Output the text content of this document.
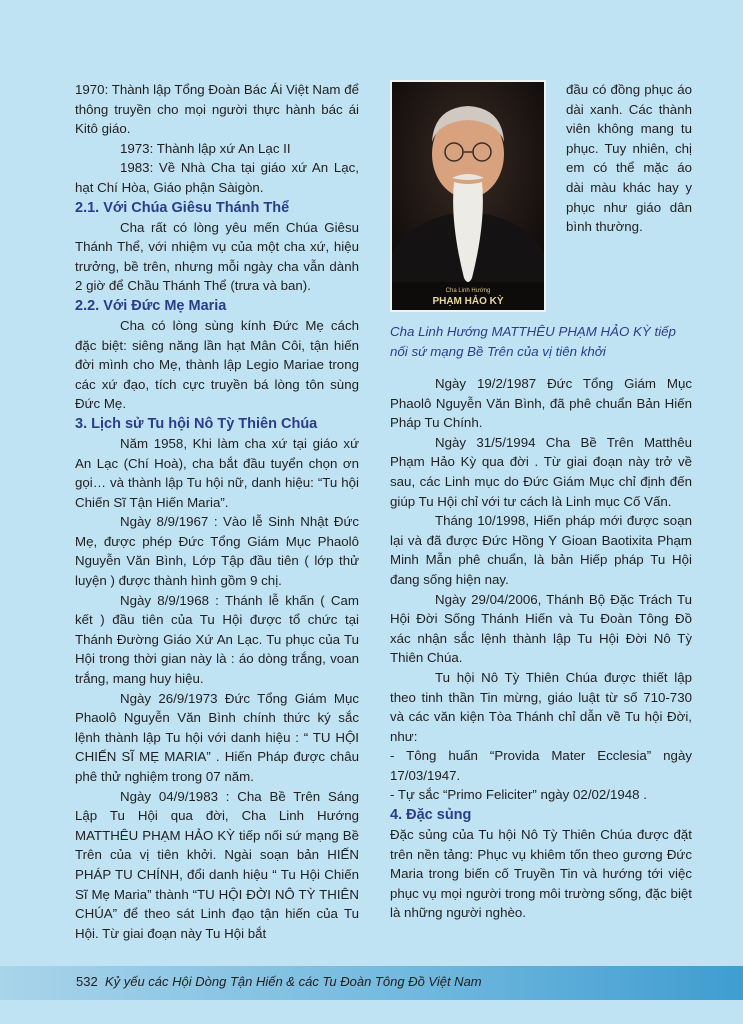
1970: Thành lập Tổng Đoàn Bác Ái Việt Nam để thông truyền cho mọi người thực hành bác ái Kitô giáo.

1973: Thành lập xứ An Lạc II

1983: Về Nhà Cha tại giáo xứ An Lạc, hạt Chí Hòa, Giáo phận Sàigòn.

2.1. Với Chúa Giêsu Thánh Thể

Cha rất có lòng yêu mến Chúa Giêsu Thánh Thể, với nhiệm vụ của một cha xứ, hiệu trưởng, bề trên, nhưng mỗi ngày cha vẫn dành 2 giờ để Chầu Thánh Thể (trưa và ban).

2.2. Với Đức Mẹ Maria

Cha có lòng sùng kính Đức Mẹ cách đặc biệt: siêng năng lần hạt Mân Côi, tận hiến đời mình cho Mẹ, thành lập Legio Mariae trong các xứ đạo, tích cực truyền bá lòng tôn sùng Đức Mẹ.

3. Lịch sử Tu hội Nô Tỳ Thiên Chúa

Năm 1958, Khi làm cha xứ tại giáo xứ An Lạc (Chí Hoà), cha bắt đầu tuyển chọn ơn gọi… và thành lập Tu hội nữ, danh hiệu: “Tu hội Chiến Sĩ Tận Hiến Maria”.

Ngày 8/9/1967 : Vào lễ Sinh Nhật Đức Mẹ, được phép Đức Tổng Giám Mục Phaolô Nguyễn Văn Bình, Lớp Tập đầu tiên ( lớp thử luyện ) được thành hình gồm 9 chị.

Ngày 8/9/1968 : Thánh lễ khấn ( Cam kết ) đầu tiên của Tu Hội được tổ chức tại Thánh Đường Giáo Xứ An Lạc. Tu phục của Tu Hội trong thời gian này là : áo dòng trắng, voan trắng, mang huy hiệu.

Ngày 26/9/1973 Đức Tổng Giám Mục Phaolô Nguyễn Văn Bình chính thức ký sắc lệnh thành lập Tu hội với danh hiệu : “ TU HỘI CHIẾN SĨ MẸ MARIA” . Hiến Pháp được châu phê thử nghiệm trong 07 năm.

Ngày 04/9/1983 : Cha Bề Trên Sáng Lập Tu Hội qua đời, Cha Linh Hướng MATTHÊU PHẠM HẢO KỲ tiếp nối sứ mạng Bề Trên của vị tiên khởi. Ngài soạn bản HIẾN PHÁP TU CHÍNH, đổi danh hiệu “ Tu Hội Chiến Sĩ Mẹ Maria” thành “TU HỘI ĐỜI NÔ TỲ THIÊN CHÚA” để theo sát Linh đạo tận hiến của Tu Hội. Từ giai đoạn này Tu Hội bắt

Cha Linh Hướng
PHẠM HẢO KỲ

đầu có đồng phục áo dài xanh. Các thành viên không mang tu phục. Tuy nhiên, chị em có thể mặc áo dài màu khác hay y phục như giáo dân bình thường.

Cha Linh Hướng MATTHÊU PHẠM HẢO KỲ tiếp nối sứ mạng Bề Trên của vị tiên khởi

Ngày 19/2/1987 Đức Tổng Giám Mục Phaolô Nguyễn Văn Bình, đã phê chuẩn Bản Hiến Pháp Tu Chính.

Ngày 31/5/1994 Cha Bề Trên Matthêu Phạm Hảo Kỳ qua đời . Từ giai đoạn này trở về sau, các Linh mục do Đức Giám Mục chỉ định đến giúp Tu Hội chỉ với tư cách là Linh mục Cố Vấn.

Tháng 10/1998, Hiến pháp mới được soạn lại và đã được Đức Hồng Y Gioan Baotixita Phạm Minh Mẫn phê chuẩn, là bản Hiếp pháp Tu Hội đang sống hiện nay.

Ngày 29/04/2006, Thánh Bộ Đặc Trách Tu Hội Đời Sống Thánh Hiến và Tu Đoàn Tông Đồ xác nhận sắc lệnh thành lập Tu Hội Đời Nô Tỳ Thiên Chúa.

Tu hội Nô Tỳ Thiên Chúa được thiết lập theo tinh thần Tin mừng, giáo luật từ số 710-730 và các văn kiện Tòa Thánh chỉ dẫn về Tu hội Đời, như:

- Tông huấn “Provida Mater Ecclesia” ngày 17/03/1947.

- Tự sắc “Primo Feliciter” ngày 02/02/1948 .

4. Đặc sủng

Đặc sủng của Tu hội Nô Tỳ Thiên Chúa được đặt trên nền tảng: Phục vụ khiêm tốn theo gương Đức Maria trong biến cố Truyền Tin và hướng tới việc phục vụ mọi người trong môi trường sống, đặc biệt là những người nghèo.

532 Kỷ yếu các Hội Dòng Tận Hiến & các Tu Đoàn Tông Đồ Việt Nam
